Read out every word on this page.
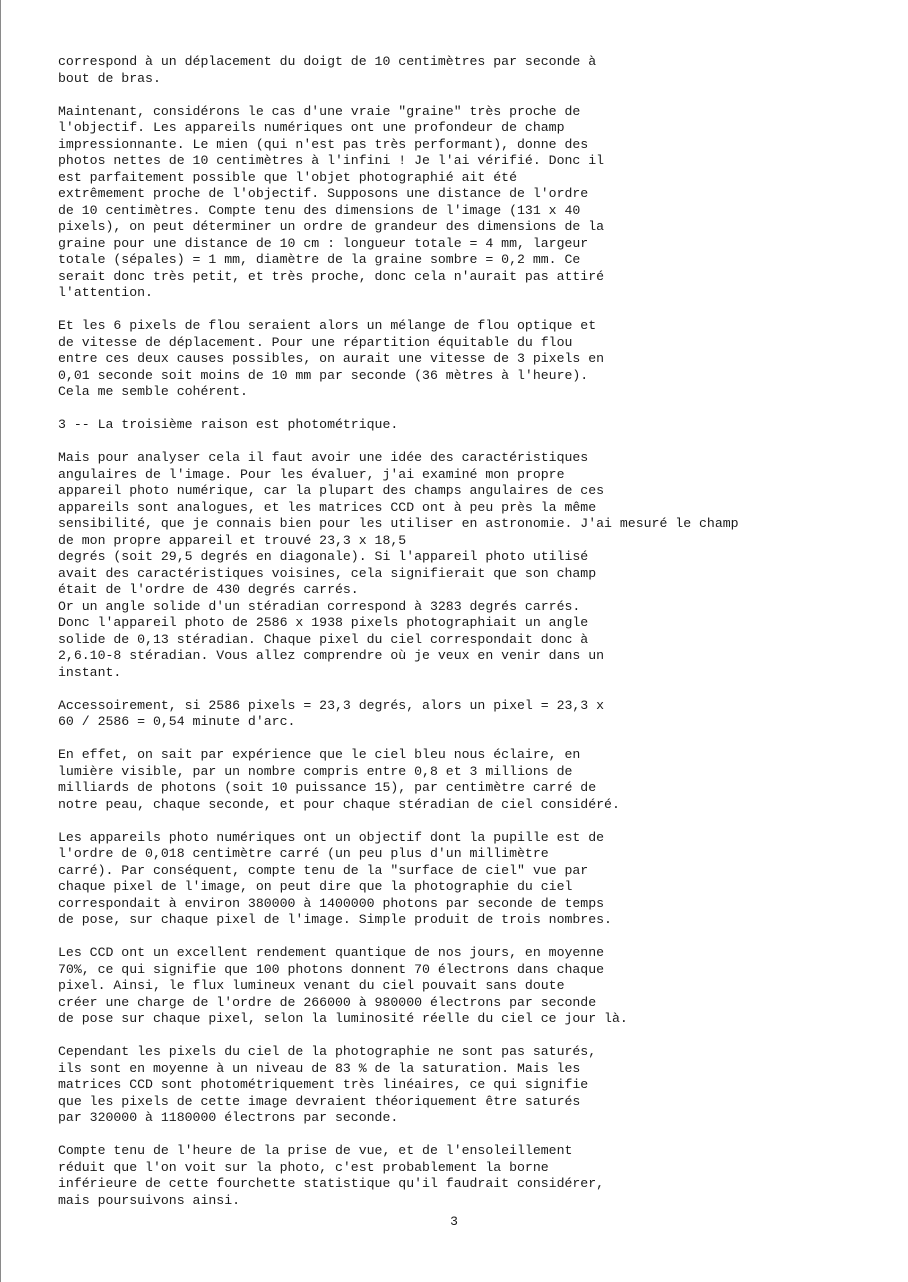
correspond à un déplacement du doigt de 10 centimètres par seconde à
bout de bras.
Maintenant, considérons le cas d'une vraie "graine" très proche de
l'objectif. Les appareils numériques ont une profondeur de champ
impressionnante. Le mien (qui n'est pas très performant), donne des
photos nettes de 10 centimètres à l'infini ! Je l'ai vérifié. Donc il
est parfaitement possible que l'objet photographié ait été
extrêmement proche de l'objectif. Supposons une distance de l'ordre
de 10 centimètres. Compte tenu des dimensions de l'image (131 x 40
pixels), on peut déterminer un ordre de grandeur des dimensions de la
graine pour une distance de 10 cm : longueur totale = 4 mm, largeur
totale (sépales) = 1 mm, diamètre de la graine sombre = 0,2 mm. Ce
serait donc très petit, et très proche, donc cela n'aurait pas attiré
l'attention.
Et les 6 pixels de flou seraient alors un mélange de flou optique et
de vitesse de déplacement. Pour une répartition équitable du flou
entre ces deux causes possibles, on aurait une vitesse de 3 pixels en
0,01 seconde soit moins de 10 mm par seconde (36 mètres à l'heure).
Cela me semble cohérent.
3 -- La troisième raison est photométrique.
Mais pour analyser cela il faut avoir une idée des caractéristiques
angulaires de l'image. Pour les évaluer, j'ai examiné mon propre
appareil photo numérique, car la plupart des champs angulaires de ces
appareils sont analogues, et les matrices CCD ont à peu près la même
sensibilité, que je connais bien pour les utiliser en astronomie. J'ai mesuré le champ
de mon propre appareil et trouvé 23,3 x 18,5
degrés (soit 29,5 degrés en diagonale). Si l'appareil photo utilisé
avait des caractéristiques voisines, cela signifierait que son champ
était de l'ordre de 430 degrés carrés.
Or un angle solide d'un stéradian correspond à 3283 degrés carrés.
Donc l'appareil photo de 2586 x 1938 pixels photographiait un angle
solide de 0,13 stéradian. Chaque pixel du ciel correspondait donc à
2,6.10-8 stéradian. Vous allez comprendre où je veux en venir dans un
instant.
Accessoirement, si 2586 pixels = 23,3 degrés, alors un pixel = 23,3 x
60 / 2586 = 0,54 minute d'arc.
En effet, on sait par expérience que le ciel bleu nous éclaire, en
lumière visible, par un nombre compris entre 0,8 et 3 millions de
milliards de photons (soit 10 puissance 15), par centimètre carré de
notre peau, chaque seconde, et pour chaque stéradian de ciel considéré.
Les appareils photo numériques ont un objectif dont la pupille est de
l'ordre de 0,018 centimètre carré (un peu plus d'un millimètre
carré). Par conséquent, compte tenu de la "surface de ciel" vue par
chaque pixel de l'image, on peut dire que la photographie du ciel
correspondait à environ 380000 à 1400000 photons par seconde de temps
de pose, sur chaque pixel de l'image. Simple produit de trois nombres.
Les CCD ont un excellent rendement quantique de nos jours, en moyenne
70%, ce qui signifie que 100 photons donnent 70 électrons dans chaque
pixel. Ainsi, le flux lumineux venant du ciel pouvait sans doute
créer une charge de l'ordre de 266000 à 980000 électrons par seconde
de pose sur chaque pixel, selon la luminosité réelle du ciel ce jour là.
Cependant les pixels du ciel de la photographie ne sont pas saturés,
ils sont en moyenne à un niveau de 83 % de la saturation. Mais les
matrices CCD sont photométriquement très linéaires, ce qui signifie
que les pixels de cette image devraient théoriquement être saturés
par 320000 à 1180000 électrons par seconde.
Compte tenu de l'heure de la prise de vue, et de l'ensoleillement
réduit que l'on voit sur la photo, c'est probablement la borne
inférieure de cette fourchette statistique qu'il faudrait considérer,
mais poursuivons ainsi.
3
